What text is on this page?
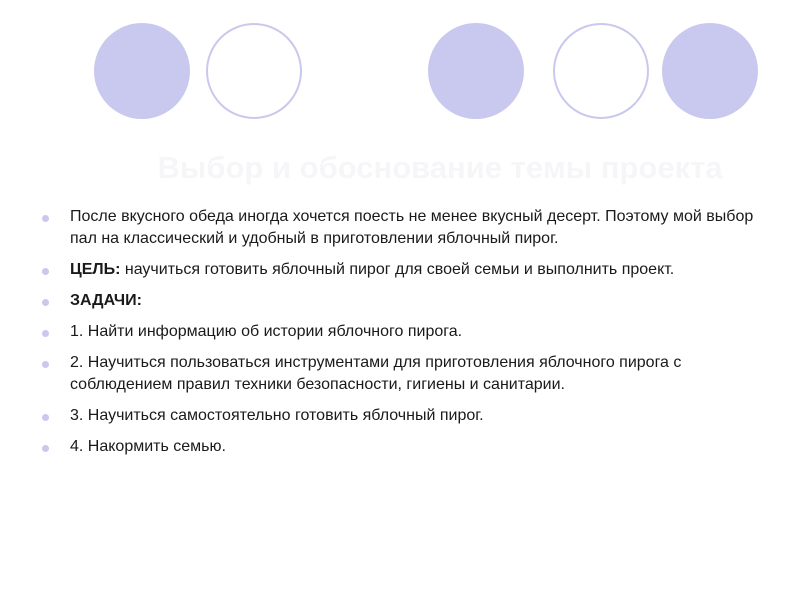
Выбор и обоснование темы проекта
После вкусного обеда иногда хочется поесть не менее вкусный десерт. Поэтому мой выбор пал на классический и удобный в приготовлении яблочный пирог.
ЦЕЛЬ: научиться готовить яблочный пирог для своей семьи и выполнить проект.
ЗАДАЧИ:
1. Найти информацию об истории яблочного пирога.
2. Научиться пользоваться инструментами для приготовления яблочного пирога с соблюдением правил техники безопасности, гигиены и санитарии.
3. Научиться самостоятельно готовить яблочный пирог.
4. Накормить семью.
